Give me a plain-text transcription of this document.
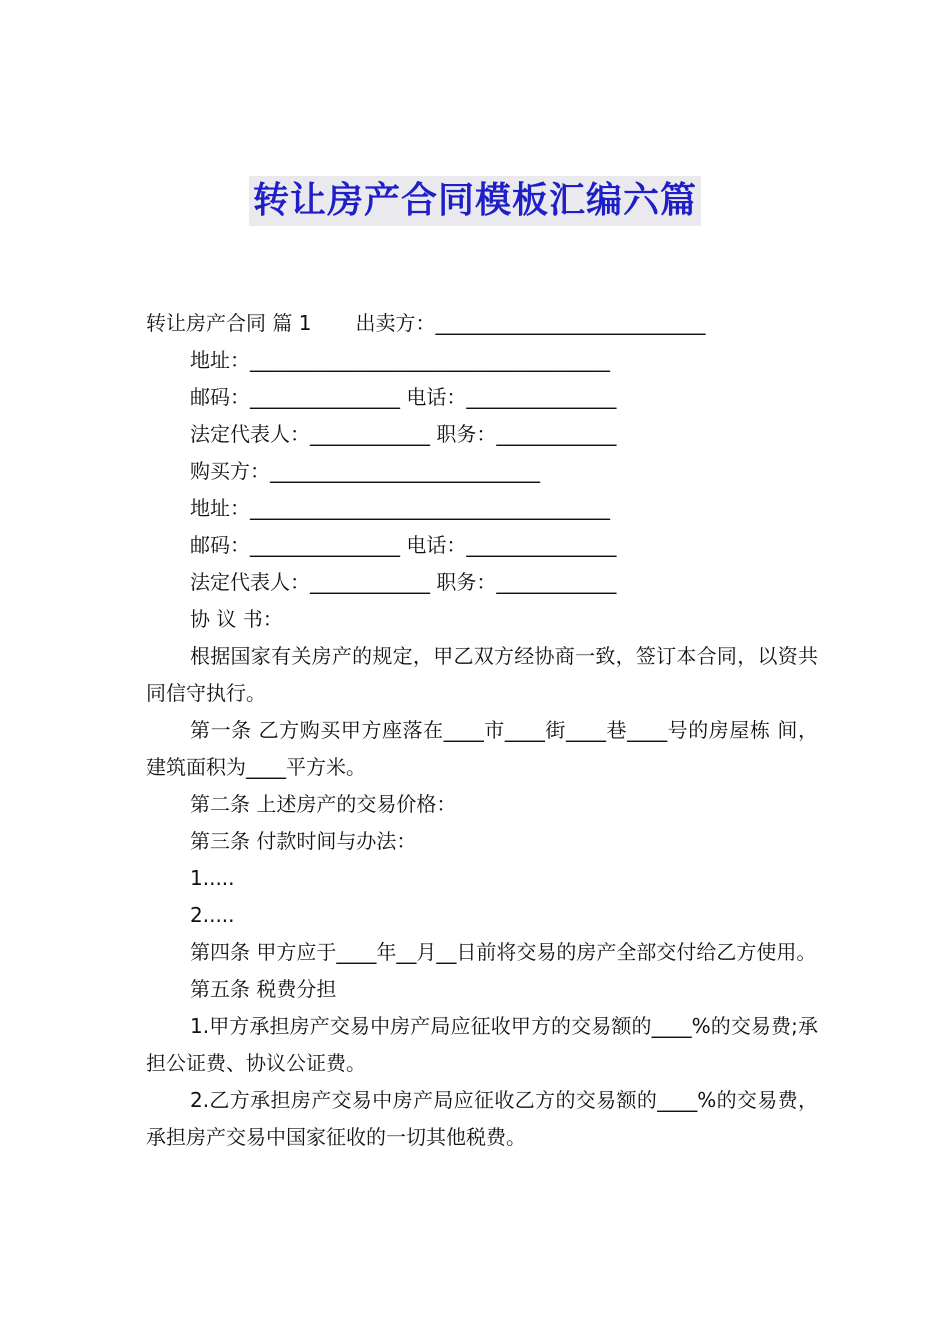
转让房产合同模板汇编六篇
转让房产合同 篇 1 出卖方：___________________________
地址：____________________________________
邮码：_______________ 电话：_______________
法定代表人：____________ 职务：____________
购买方：___________________________
地址：____________________________________
邮码：_______________ 电话：_______________
法定代表人：____________ 职务：____________
协 议 书：

根据国家有关房产的规定，甲乙双方经协商一致，签订本合同，以资共同信守执行。

第一条 乙方购买甲方座落在____市____街____巷____号的房屋栋 间，建筑面积为____平方米。

第二条 上述房产的交易价格：
第三条 付款时间与办法：
1.....
2.....

第四条 甲方应于____年__月__日前将交易的房产全部交付给乙方使用。

第五条 税费分担

1.甲方承担房产交易中房产局应征收甲方的交易额的____%的交易费;承担公证费、协议公证费。

2.乙方承担房产交易中房产局应征收乙方的交易额的____%的交易费，承担房产交易中国家征收的一切其他税费。
